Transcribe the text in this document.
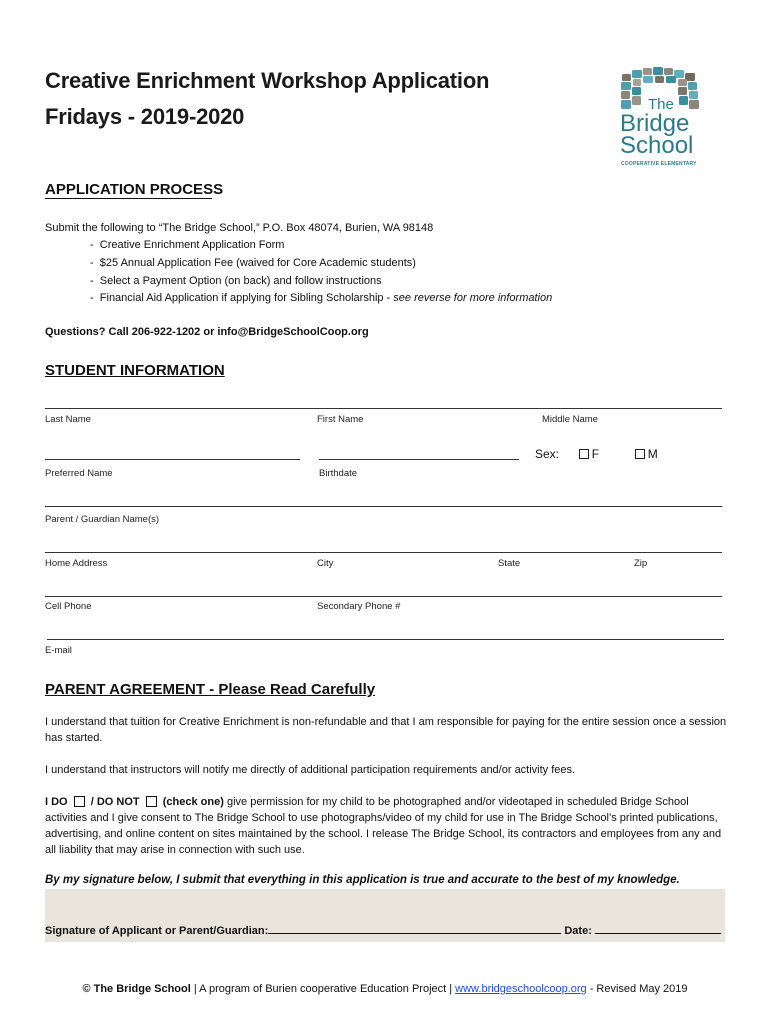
Creative Enrichment Workshop Application
Fridays - 2019-2020	The
Bridge
School
COOPERATIVE ELEMENTARY
APPLICATION PROCESS
Submit the following to “The Bridge School,” P.O. Box 48074, Burien, WA 98148
-  Creative Enrichment Application Form
-  $25 Annual Application Fee (waived for Core Academic students)
-  Select a Payment Option (on back) and follow instructions
-  Financial Aid Application if applying for Sibling Scholarship - see reverse for more information
Questions? Call 206-922-1202 or info@BridgeSchoolCoop.org
STUDENT INFORMATION
Last Name	First Name	Middle Name
Sex:	F	M
Preferred Name	Birthdate
Parent / Guardian Name(s)
Home Address	City	State	Zip
Cell Phone	Secondary Phone #
E-mail
PARENT AGREEMENT - Please Read Carefully
I understand that tuition for Creative Enrichment is non-refundable and that I am responsible for paying for the entire session once a session has started.
I understand that instructors will notify me directly of additional participation requirements and/or activity fees.
I DO / DO NOT (check one) give permission for my child to be photographed and/or videotaped in scheduled Bridge School activities and I give consent to The Bridge School to use photographs/video of my child for use in The Bridge School’s printed publications, advertising, and online content on sites maintained by the school. I release The Bridge School, its contractors and employees from any and all liability that may arise in connection with such use.
By my signature below, I submit that everything in this application is true and accurate to the best of my knowledge.
Signature of Applicant or Parent/Guardian:	Date:
© The Bridge School | A program of Burien cooperative Education Project | www.bridgeschoolcoop.org - Revised May 2019
